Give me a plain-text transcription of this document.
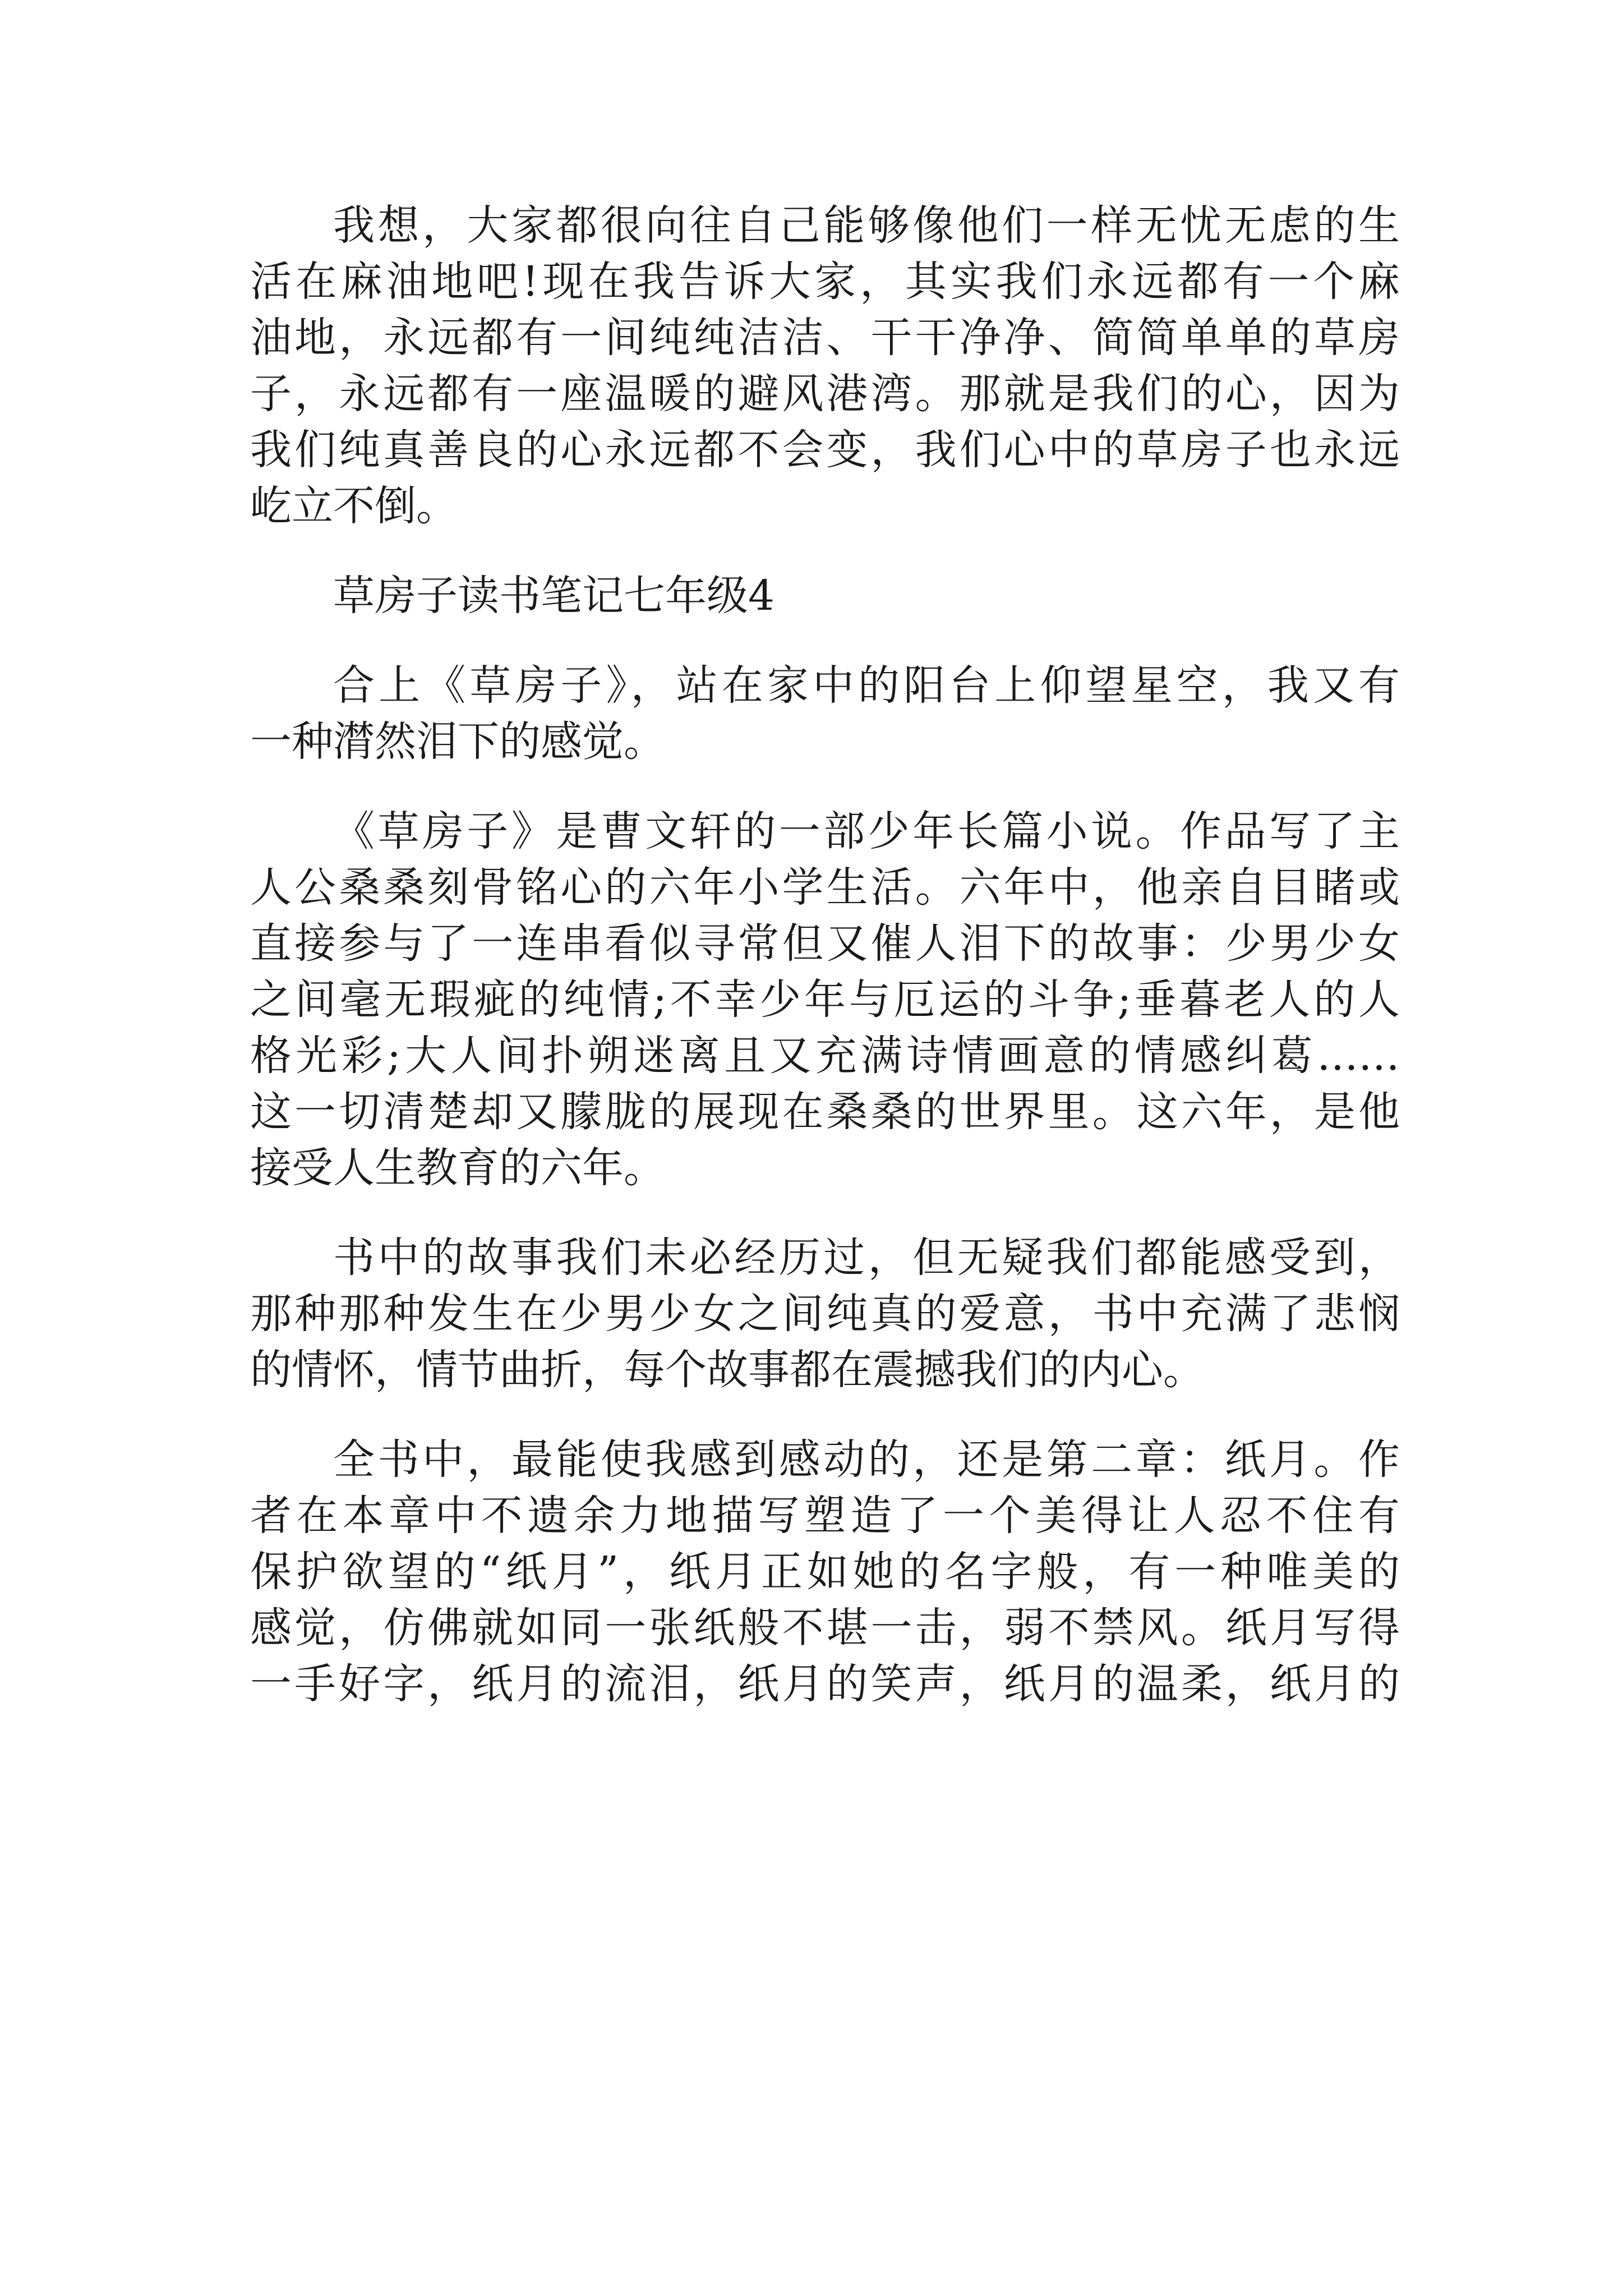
我想，大家都很向往自己能够像他们一样无忧无虑的生
活在麻油地吧!现在我告诉大家，其实我们永远都有一个麻
油地，永远都有一间纯纯洁洁、干干净净、简简单单的草房
子，永远都有一座温暖的避风港湾。那就是我们的心，因为
我们纯真善良的心永远都不会变，我们心中的草房子也永远
屹立不倒。
草房子读书笔记七年级4
合上《草房子》，站在家中的阳台上仰望星空，我又有
一种潸然泪下的感觉。
《草房子》是曹文轩的一部少年长篇小说。作品写了主
人公桑桑刻骨铭心的六年小学生活。六年中，他亲自目睹或
直接参与了一连串看似寻常但又催人泪下的故事：少男少女
之间毫无瑕疵的纯情;不幸少年与厄运的斗争;垂暮老人的人
格光彩;大人间扑朔迷离且又充满诗情画意的情感纠葛……
这一切清楚却又朦胧的展现在桑桑的世界里。这六年，是他
接受人生教育的六年。
书中的故事我们未必经历过，但无疑我们都能感受到，
那种那种发生在少男少女之间纯真的爱意，书中充满了悲悯
的情怀，情节曲折，每个故事都在震撼我们的内心。
全书中，最能使我感到感动的，还是第二章：纸月。作
者在本章中不遗余力地描写塑造了一个美得让人忍不住有
保护欲望的“纸月”，纸月正如她的名字般，有一种唯美的
感觉，仿佛就如同一张纸般不堪一击，弱不禁风。纸月写得
一手好字，纸月的流泪，纸月的笑声，纸月的温柔，纸月的
